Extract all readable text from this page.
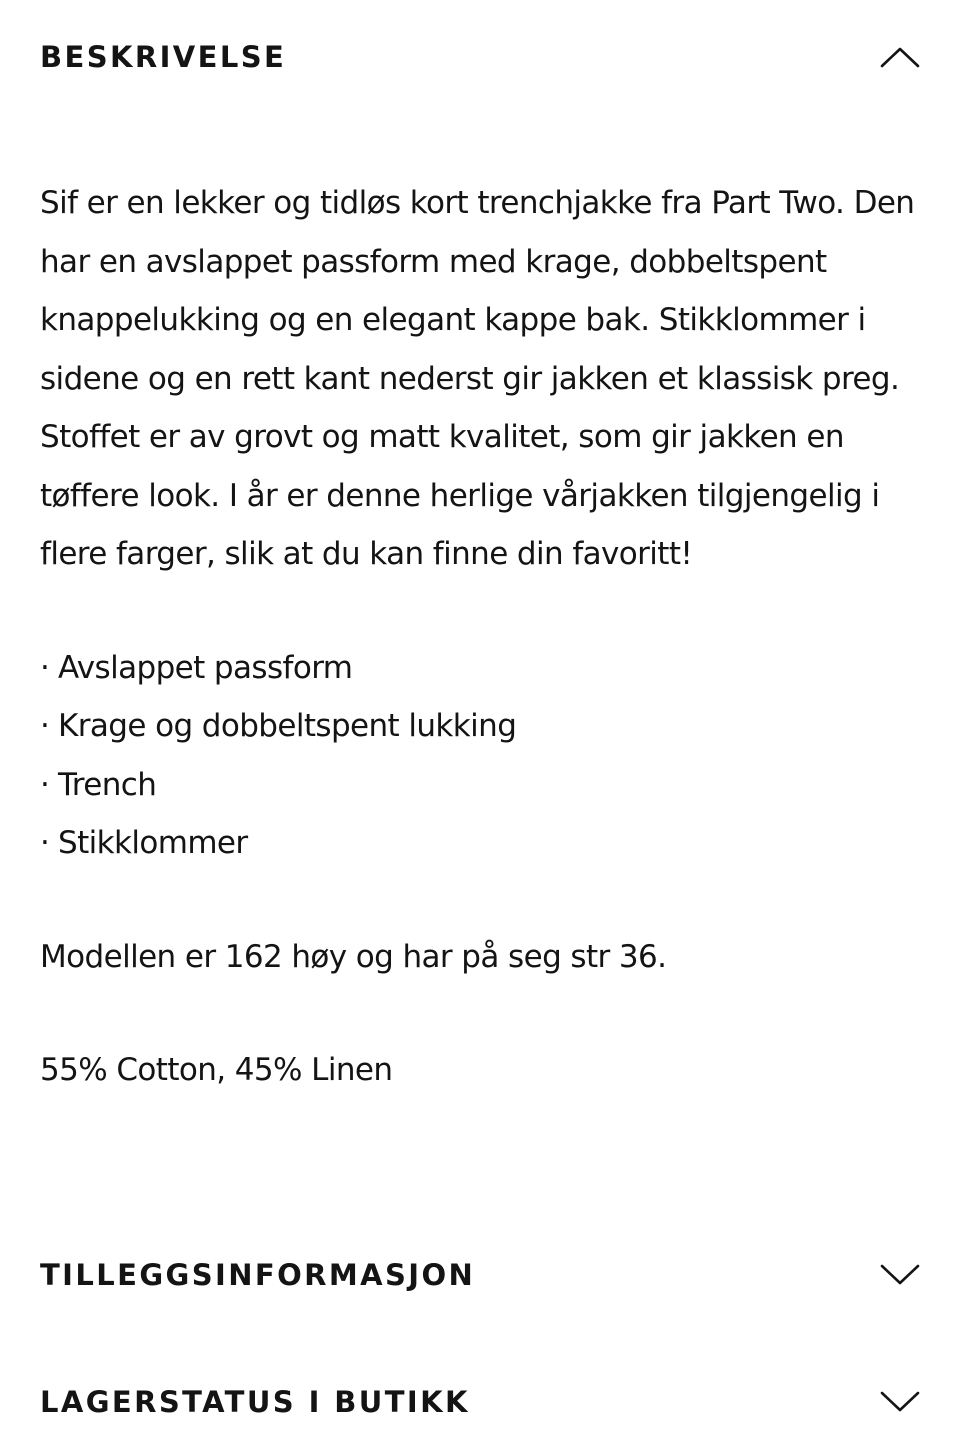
BESKRIVELSE

Sif er en lekker og tidløs kort trenchjakke fra Part Two. Den har en avslappet passform med krage, dobbeltspent knappelukking og en elegant kappe bak. Stikklommer i sidene og en rett kant nederst gir jakken et klassisk preg. Stoffet er av grovt og matt kvalitet, som gir jakken en tøffere look. I år er denne herlige vårjakken tilgjengelig i flere farger, slik at du kan finne din favoritt!

· Avslappet passform
· Krage og dobbeltspent lukking
· Trench
· Stikklommer

Modellen er 162 høy og har på seg str 36.

55% Cotton, 45% Linen

TILLEGGSINFORMASJON
LAGERSTATUS I BUTIKK
